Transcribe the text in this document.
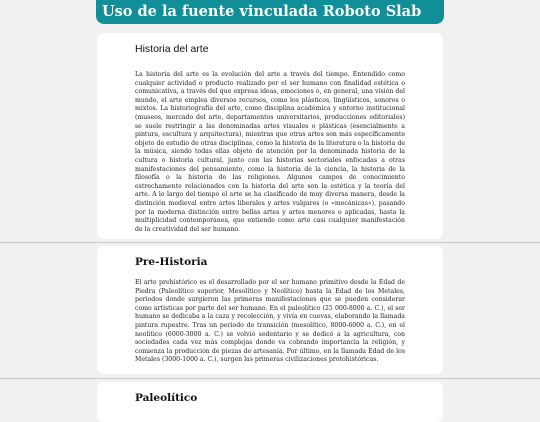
Uso de la fuente vinculada Roboto Slab
Historia del arte

La historia del arte es la evolución del arte a través del tiempo. Entendido como cualquier actividad o producto realizado por el ser humano con finalidad estética o comunicativa, a través del que expresa ideas, emociones o, en general, una visión del mundo, el arte emplea diversos recursos, como los plásticos, lingüísticos, sonoros o mixtos. La historiografía del arte, como disciplina académica y entorno institucional (museos, mercado del arte, departamentos universitarios, producciones editoriales) se suele restringir a las denominadas artes visuales o plásticas (esencialmente a pintura, escultura y arquitectura), mientras que otras artes son más específicamente objeto de estudio de otras disciplinas, como la historia de la literatura o la historia de la música, siendo todas ellas objeto de atención por la denominada historia de la cultura o historia cultural, junto con las historias sectoriales enfocadas a otras manifestaciones del pensamiento, como la historia de la ciencia, la historia de la filosofía o la historia de las religiones. Algunos campos de conocimiento estrechamente relacionados con la historia del arte son la estética y la teoría del arte. A lo largo del tiempo el arte se ha clasificado de muy diversa manera, desde la distinción medieval entre artes liberales y artes vulgares (o «mecánicas»), pasando por la moderna distinción entre bellas artes y artes menores o aplicadas, hasta la multiplicidad contemporánea, que entiende como arte casi cualquier manifestación de la creatividad del ser humano.

Pre-Historia

El arte prehistórico es el desarrollado por el ser humano primitivo desde la Edad de Piedra (Paleolítico superior, Mesolítico y Neolítico) hasta la Edad de los Metales, periodos donde surgieron las primeras manifestaciones que se pueden considerar como artísticas por parte del ser humano. En el paleolítico (25 000-8000 a. C.), el ser humano se dedicaba a la caza y recolección, y vivía en cuevas, elaborando la llamada pintura rupestre. Tras un periodo de transición (mesolítico, 8000-6000 a. C.), en el neolítico (6000-3000 a. C.) se volvió sedentario y se dedicó a la agricultura, con sociedades cada vez más complejas donde va cobrando importancia la religión, y comienza la producción de piezas de artesanía. Por último, en la llamada Edad de los Metales (3000-1000 a. C.), surgen las primeras civilizaciones protohistóricas.

Paleolítico
